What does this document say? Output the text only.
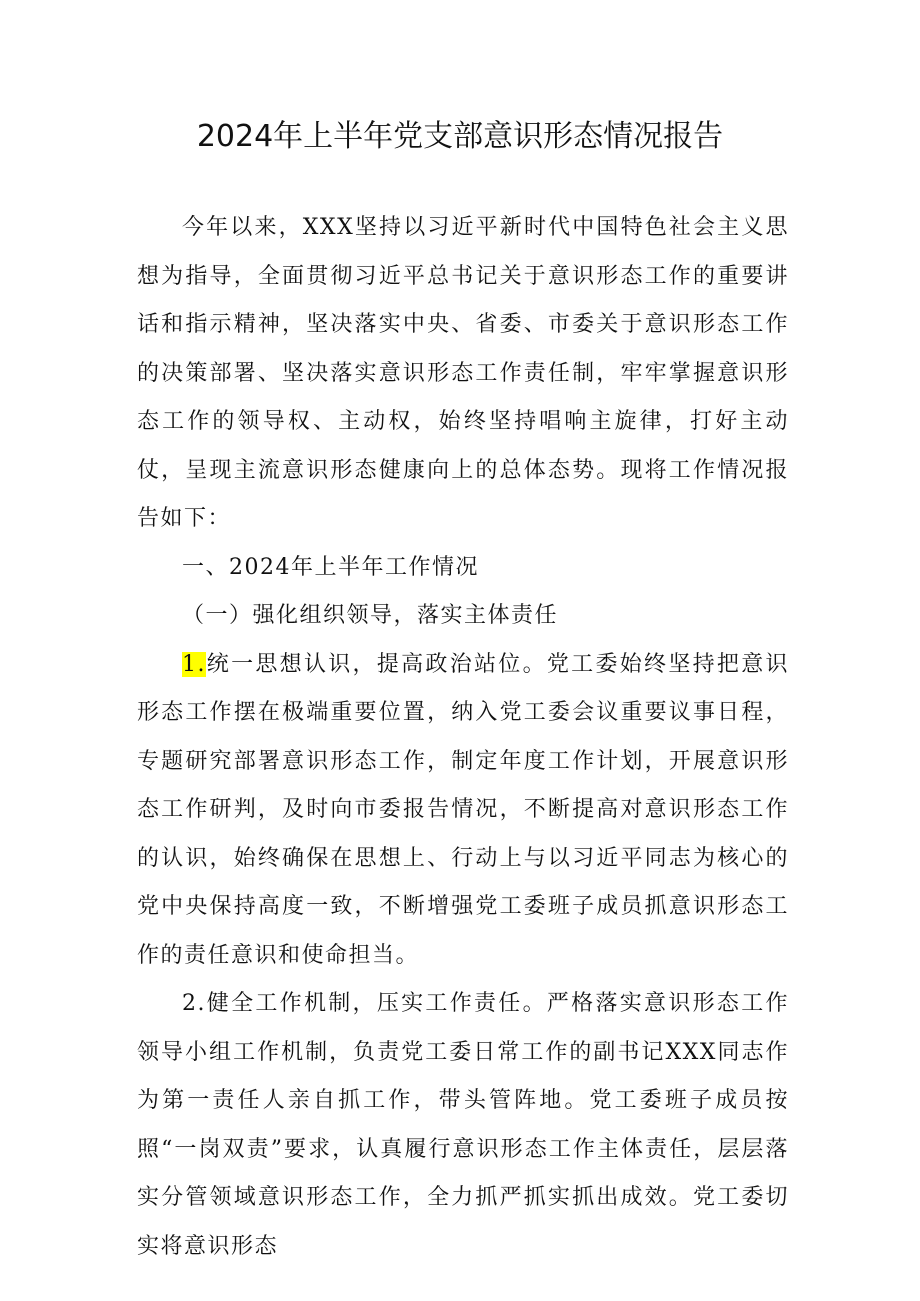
2024年上半年党支部意识形态情况报告

今年以来，XXX坚持以习近平新时代中国特色社会主义思想为指导，全面贯彻习近平总书记关于意识形态工作的重要讲话和指示精神，坚决落实中央、省委、市委关于意识形态工作的决策部署、坚决落实意识形态工作责任制，牢牢掌握意识形态工作的领导权、主动权，始终坚持唱响主旋律，打好主动仗，呈现主流意识形态健康向上的总体态势。现将工作情况报告如下：

一、2024年上半年工作情况

（一）强化组织领导，落实主体责任

1.统一思想认识，提高政治站位。党工委始终坚持把意识形态工作摆在极端重要位置，纳入党工委会议重要议事日程，专题研究部署意识形态工作，制定年度工作计划，开展意识形态工作研判，及时向市委报告情况，不断提高对意识形态工作的认识，始终确保在思想上、行动上与以习近平同志为核心的党中央保持高度一致，不断增强党工委班子成员抓意识形态工作的责任意识和使命担当。

2.健全工作机制，压实工作责任。严格落实意识形态工作领导小组工作机制，负责党工委日常工作的副书记XXX同志作为第一责任人亲自抓工作，带头管阵地。党工委班子成员按照“一岗双责”要求，认真履行意识形态工作主体责任，层层落实分管领域意识形态工作，全力抓严抓实抓出成效。党工委切实将意识形态
